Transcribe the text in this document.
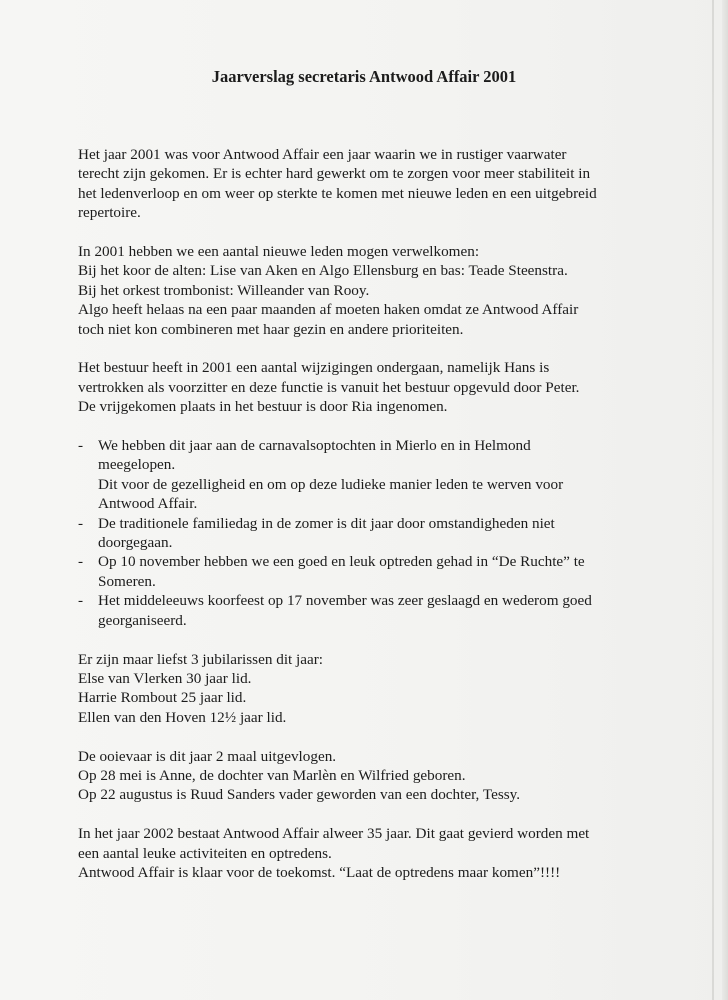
Jaarverslag secretaris Antwood Affair 2001
Het jaar 2001 was voor Antwood Affair een jaar waarin we in rustiger vaarwater
terecht zijn gekomen. Er is echter hard gewerkt om te zorgen voor meer stabiliteit in
het ledenverloop en om weer op sterkte te komen met nieuwe leden en een uitgebreid
repertoire.
In 2001 hebben we een aantal nieuwe leden mogen verwelkomen:
Bij het koor de alten: Lise van Aken en Algo Ellensburg en bas: Teade Steenstra.
Bij het orkest trombonist: Willeander van Rooy.
Algo heeft helaas na een paar maanden af moeten haken omdat ze Antwood Affair
toch niet kon combineren met haar gezin en andere prioriteiten.
Het bestuur heeft in 2001 een aantal wijzigingen ondergaan, namelijk Hans is
vertrokken als voorzitter en deze functie is vanuit het bestuur opgevuld door Peter.
De vrijgekomen plaats in het bestuur is door Ria ingenomen.
- We hebben dit jaar aan de carnavalsoptochten in Mierlo en in Helmond
meegelopen.
Dit voor de gezelligheid en om op deze ludieke manier leden te werven voor
Antwood Affair.
- De traditionele familiedag in de zomer is dit jaar door omstandigheden niet
doorgegaan.
- Op 10 november hebben we een goed en leuk optreden gehad in “De Ruchte” te
Someren.
- Het middeleeuws koorfeest op 17 november was zeer geslaagd en wederom goed
georganiseerd.
Er zijn maar liefst 3 jubilarissen dit jaar:
Else van Vlerken 30 jaar lid.
Harrie Rombout 25 jaar lid.
Ellen van den Hoven 12½ jaar lid.
De ooievaar is dit jaar 2 maal uitgevlogen.
Op 28 mei is Anne, de dochter van Marlèn en Wilfried geboren.
Op 22 augustus is Ruud Sanders vader geworden van een dochter, Tessy.
In het jaar 2002 bestaat Antwood Affair alweer 35 jaar. Dit gaat gevierd worden met
een aantal leuke activiteiten en optredens.
Antwood Affair is klaar voor de toekomst. “Laat de optredens maar komen”!!!!
